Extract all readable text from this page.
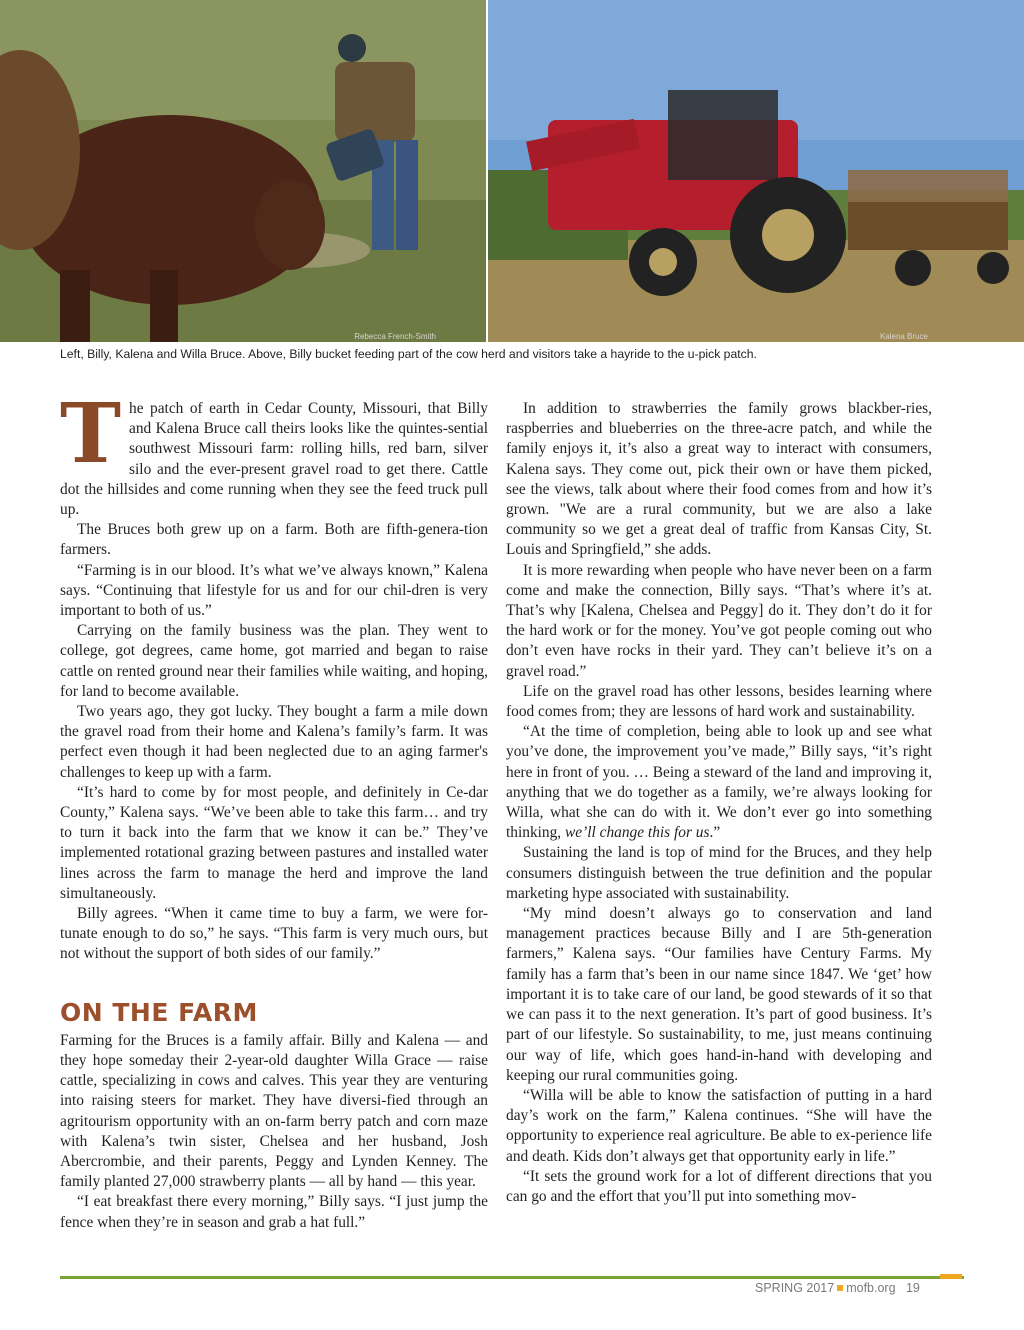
Rebecca French-Smith	Kalena Bruce
Left, Billy, Kalena and Willa Bruce. Above, Billy bucket feeding part of the cow herd and visitors take a hayride to the u-pick patch.

The patch of earth in Cedar County, Missouri, that Billy and Kalena Bruce call theirs looks like the quintes-sential southwest Missouri farm: rolling hills, red barn, silver silo and the ever-present gravel road to get there. Cattle dot the hillsides and come running when they see the feed truck pull up.

The Bruces both grew up on a farm. Both are fifth-genera-tion farmers.

“Farming is in our blood. It’s what we’ve always known,” Kalena says. “Continuing that lifestyle for us and for our chil-dren is very important to both of us.”

Carrying on the family business was the plan. They went to college, got degrees, came home, got married and began to raise cattle on rented ground near their families while waiting, and hoping, for land to become available.

Two years ago, they got lucky. They bought a farm a mile down the gravel road from their home and Kalena’s family’s farm. It was perfect even though it had been neglected due to an aging farmer's challenges to keep up with a farm.

“It’s hard to come by for most people, and definitely in Ce-dar County,” Kalena says. “We’ve been able to take this farm… and try to turn it back into the farm that we know it can be.” They’ve implemented rotational grazing between pastures and installed water lines across the farm to manage the herd and improve the land simultaneously.

Billy agrees. “When it came time to buy a farm, we were for-tunate enough to do so,” he says. “This farm is very much ours, but not without the support of both sides of our family.”

ON THE FARM

Farming for the Bruces is a family affair. Billy and Kalena — and they hope someday their 2-year-old daughter Willa Grace — raise cattle, specializing in cows and calves. This year they are venturing into raising steers for market. They have diversi-fied through an agritourism opportunity with an on-farm berry patch and corn maze with Kalena’s twin sister, Chelsea and her husband, Josh Abercrombie, and their parents, Peggy and Lynden Kenney. The family planted 27,000 strawberry plants — all by hand — this year.

“I eat breakfast there every morning,” Billy says. “I just jump the fence when they’re in season and grab a hat full.”

In addition to strawberries the family grows blackber-ries, raspberries and blueberries on the three-acre patch, and while the family enjoys it, it’s also a great way to interact with consumers, Kalena says. They come out, pick their own or have them picked, see the views, talk about where their food comes from and how it’s grown. "We are a rural community, but we are also a lake community so we get a great deal of traffic from Kansas City, St. Louis and Springfield,” she adds.

It is more rewarding when people who have never been on a farm come and make the connection, Billy says. “That’s where it’s at. That’s why [Kalena, Chelsea and Peggy] do it. They don’t do it for the hard work or for the money. You’ve got people coming out who don’t even have rocks in their yard. They can’t believe it’s on a gravel road.”

Life on the gravel road has other lessons, besides learning where food comes from; they are lessons of hard work and sustainability.

“At the time of completion, being able to look up and see what you’ve done, the improvement you’ve made,” Billy says, “it’s right here in front of you. … Being a steward of the land and improving it, anything that we do together as a family, we’re always looking for Willa, what she can do with it. We don’t ever go into something thinking, we’ll change this for us.”

Sustaining the land is top of mind for the Bruces, and they help consumers distinguish between the true definition and the popular marketing hype associated with sustainability.

“My mind doesn’t always go to conservation and land management practices because Billy and I are 5th-generation farmers,” Kalena says. “Our families have Century Farms. My family has a farm that’s been in our name since 1847. We ‘get’ how important it is to take care of our land, be good stewards of it so that we can pass it to the next generation. It’s part of good business. It’s part of our lifestyle. So sustainability, to me, just means continuing our way of life, which goes hand-in-hand with developing and keeping our rural communities going.

“Willa will be able to know the satisfaction of putting in a hard day’s work on the farm,” Kalena continues. “She will have the opportunity to experience real agriculture. Be able to ex-perience life and death. Kids don’t always get that opportunity early in life.”

“It sets the ground work for a lot of different directions that you can go and the effort that you’ll put into something mov-

SPRING 2017 mofb.org 19
